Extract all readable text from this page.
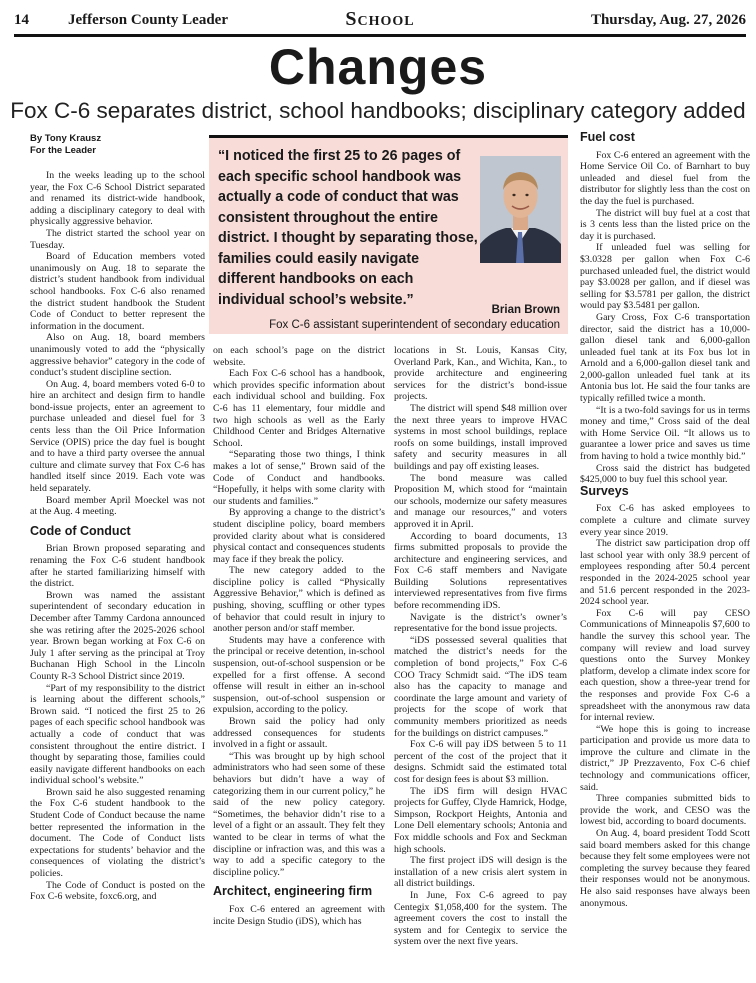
14	Jefferson County Leader	School	Thursday, Aug. 27, 2026
Changes
Fox C-6 separates district, school handbooks; disciplinary category added
By Tony Krausz
For the Leader	“I noticed the first 25 to 26 pages of each specific school handbook was actually a code of conduct that was consistent throughout the entire district. I thought by separating those, families could easily navigate different handbooks on each individual school’s website.”
Brian Brown
Fox C-6 assistant superintendent of secondary education

In the weeks leading up to the school year, the Fox C-6 School District separated and renamed its district-wide handbook, adding a disciplinary category to deal with physically aggressive behavior.

The district started the school year on Tuesday.

Board of Education members voted unanimously on Aug. 18 to separate the district’s student handbook from individual school handbooks. Fox C-6 also renamed the district student handbook the Student Code of Conduct to better represent the information in the document.

Also on Aug. 18, board members unanimously voted to add the “physically aggressive behavior” category in the code of conduct’s student discipline section.

On Aug. 4, board members voted 6-0 to hire an architect and design firm to handle bond-issue projects, enter an agreement to purchase unleaded and diesel fuel for 3 cents less than the Oil Price Information Service (OPIS) price the day fuel is bought and to have a third party oversee the annual culture and climate survey that Fox C-6 has handled itself since 2019. Each vote was held separately.

Board member April Moeckel was not at the Aug. 4 meeting.

Code of Conduct

Brian Brown proposed separating and renaming the Fox C-6 student handbook after he started familiarizing himself with the district.

Brown was named the assistant superintendent of secondary education in December after Tammy Cardona announced she was retiring after the 2025-2026 school year. Brown began working at Fox C-6 on July 1 after serving as the principal at Troy Buchanan High School in the Lincoln County R-3 School District since 2019.

“Part of my responsibility to the district is learning about the different schools,” Brown said. “I noticed the first 25 to 26 pages of each specific school handbook was actually a code of conduct that was consistent throughout the entire district. I thought by separating those, families could easily navigate different handbooks on each individual school’s website.”

Brown said he also suggested renaming the Fox C-6 student handbook to the Student Code of Conduct because the name better represented the information in the document. The Code of Conduct lists expectations for students’ behavior and the consequences of violating the district’s policies.

The Code of Conduct is posted on the Fox C-6 website, foxc6.org, and

on each school’s page on the district website.

Each Fox C-6 school has a handbook, which provides specific information about each individual school and building. Fox C-6 has 11 elementary, four middle and two high schools as well as the Early Childhood Center and Bridges Alternative School.

“Separating those two things, I think makes a lot of sense,” Brown said of the Code of Conduct and handbooks. “Hopefully, it helps with some clarity with our students and families.”

By approving a change to the district’s student discipline policy, board members provided clarity about what is considered physical contact and consequences students may face if they break the policy.

The new category added to the discipline policy is called “Physically Aggressive Behavior,” which is defined as pushing, shoving, scuffling or other types of behavior that could result in injury to another person and/or staff member.

Students may have a conference with the principal or receive detention, in-school suspension, out-of-school suspension or be expelled for a first offense. A second offense will result in either an in-school suspension, out-of-school suspension or expulsion, according to the policy.

Brown said the policy had only addressed consequences for students involved in a fight or assault.

“This was brought up by high school administrators who had seen some of these behaviors but didn’t have a way of categorizing them in our current policy,” he said of the new policy category. “Sometimes, the behavior didn’t rise to a level of a fight or an assault. They felt they wanted to be clear in terms of what the discipline or infraction was, and this was a way to add a specific category to the discipline policy.”

Architect, engineering firm

Fox C-6 entered an agreement with incite Design Studio (iDS), which has

locations in St. Louis, Kansas City, Overland Park, Kan., and Wichita, Kan., to provide architecture and engineering services for the district’s bond-issue projects.

The district will spend $48 million over the next three years to improve HVAC systems in most school buildings, replace roofs on some buildings, install improved safety and security measures in all buildings and pay off existing leases.

The bond measure was called Proposition M, which stood for “maintain our schools, modernize our safety measures and manage our resources,” and voters approved it in April.

According to board documents, 13 firms submitted proposals to provide the architecture and engineering services, and Fox C-6 staff members and Navigate Building Solutions representatives interviewed representatives from five firms before recommending iDS.

Navigate is the district’s owner’s representative for the bond issue projects.

“iDS possessed several qualities that matched the district’s needs for the completion of bond projects,” Fox C-6 COO Tracy Schmidt said. “The iDS team also has the capacity to manage and coordinate the large amount and variety of projects for the scope of work that community members prioritized as needs for the buildings on district campuses.”

Fox C-6 will pay iDS between 5 to 11 percent of the cost of the project that it designs. Schmidt said the estimated total cost for design fees is about $3 million.

The iDS firm will design HVAC projects for Guffey, Clyde Hamrick, Hodge, Simpson, Rockport Heights, Antonia and Lone Dell elementary schools; Antonia and Fox middle schools and Fox and Seckman high schools.

The first project iDS will design is the installation of a new crisis alert system in all district buildings.

In June, Fox C-6 agreed to pay Centegix $1,058,400 for the system. The agreement covers the cost to install the system and for Centegix to service the system over the next five years.

Fuel cost

Fox C-6 entered an agreement with the Home Service Oil Co. of Barnhart to buy unleaded and diesel fuel from the distributor for slightly less than the cost on the day the fuel is purchased.

The district will buy fuel at a cost that is 3 cents less than the listed price on the day it is purchased.

If unleaded fuel was selling for $3.0328 per gallon when Fox C-6 purchased unleaded fuel, the district would pay $3.0028 per gallon, and if diesel was selling for $3.5781 per gallon, the district would pay $3.5481 per gallon.

Gary Cross, Fox C-6 transportation director, said the district has a 10,000-gallon diesel tank and 6,000-gallon unleaded fuel tank at its Fox bus lot in Arnold and a 6,000-gallon diesel tank and 2,000-gallon unleaded fuel tank at its Antonia bus lot. He said the four tanks are typically refilled twice a month.

“It is a two-fold savings for us in terms money and time,” Cross said of the deal with Home Service Oil. “It allows us to guarantee a lower price and saves us time from having to hold a twice monthly bid.”

Cross said the district has budgeted $425,000 to buy fuel this school year.

Surveys

Fox C-6 has asked employees to complete a culture and climate survey every year since 2019.

The district saw participation drop off last school year with only 38.9 percent of employees responding after 50.4 percent responded in the 2024-2025 school year and 51.6 percent responded in the 2023-2024 school year.

Fox C-6 will pay CESO Communications of Minneapolis $7,600 to handle the survey this school year. The company will review and load survey questions onto the Survey Monkey platform, develop a climate index score for each question, show a three-year trend for the responses and provide Fox C-6 a spreadsheet with the anonymous raw data for internal review.

“We hope this is going to increase participation and provide us more data to improve the culture and climate in the district,” JP Prezzavento, Fox C-6 chief technology and communications officer, said.

Three companies submitted bids to provide the work, and CESO was the lowest bid, according to board documents.

On Aug. 4, board president Todd Scott said board members asked for this change because they felt some employees were not completing the survey because they feared their responses would not be anonymous. He also said responses have always been anonymous.
